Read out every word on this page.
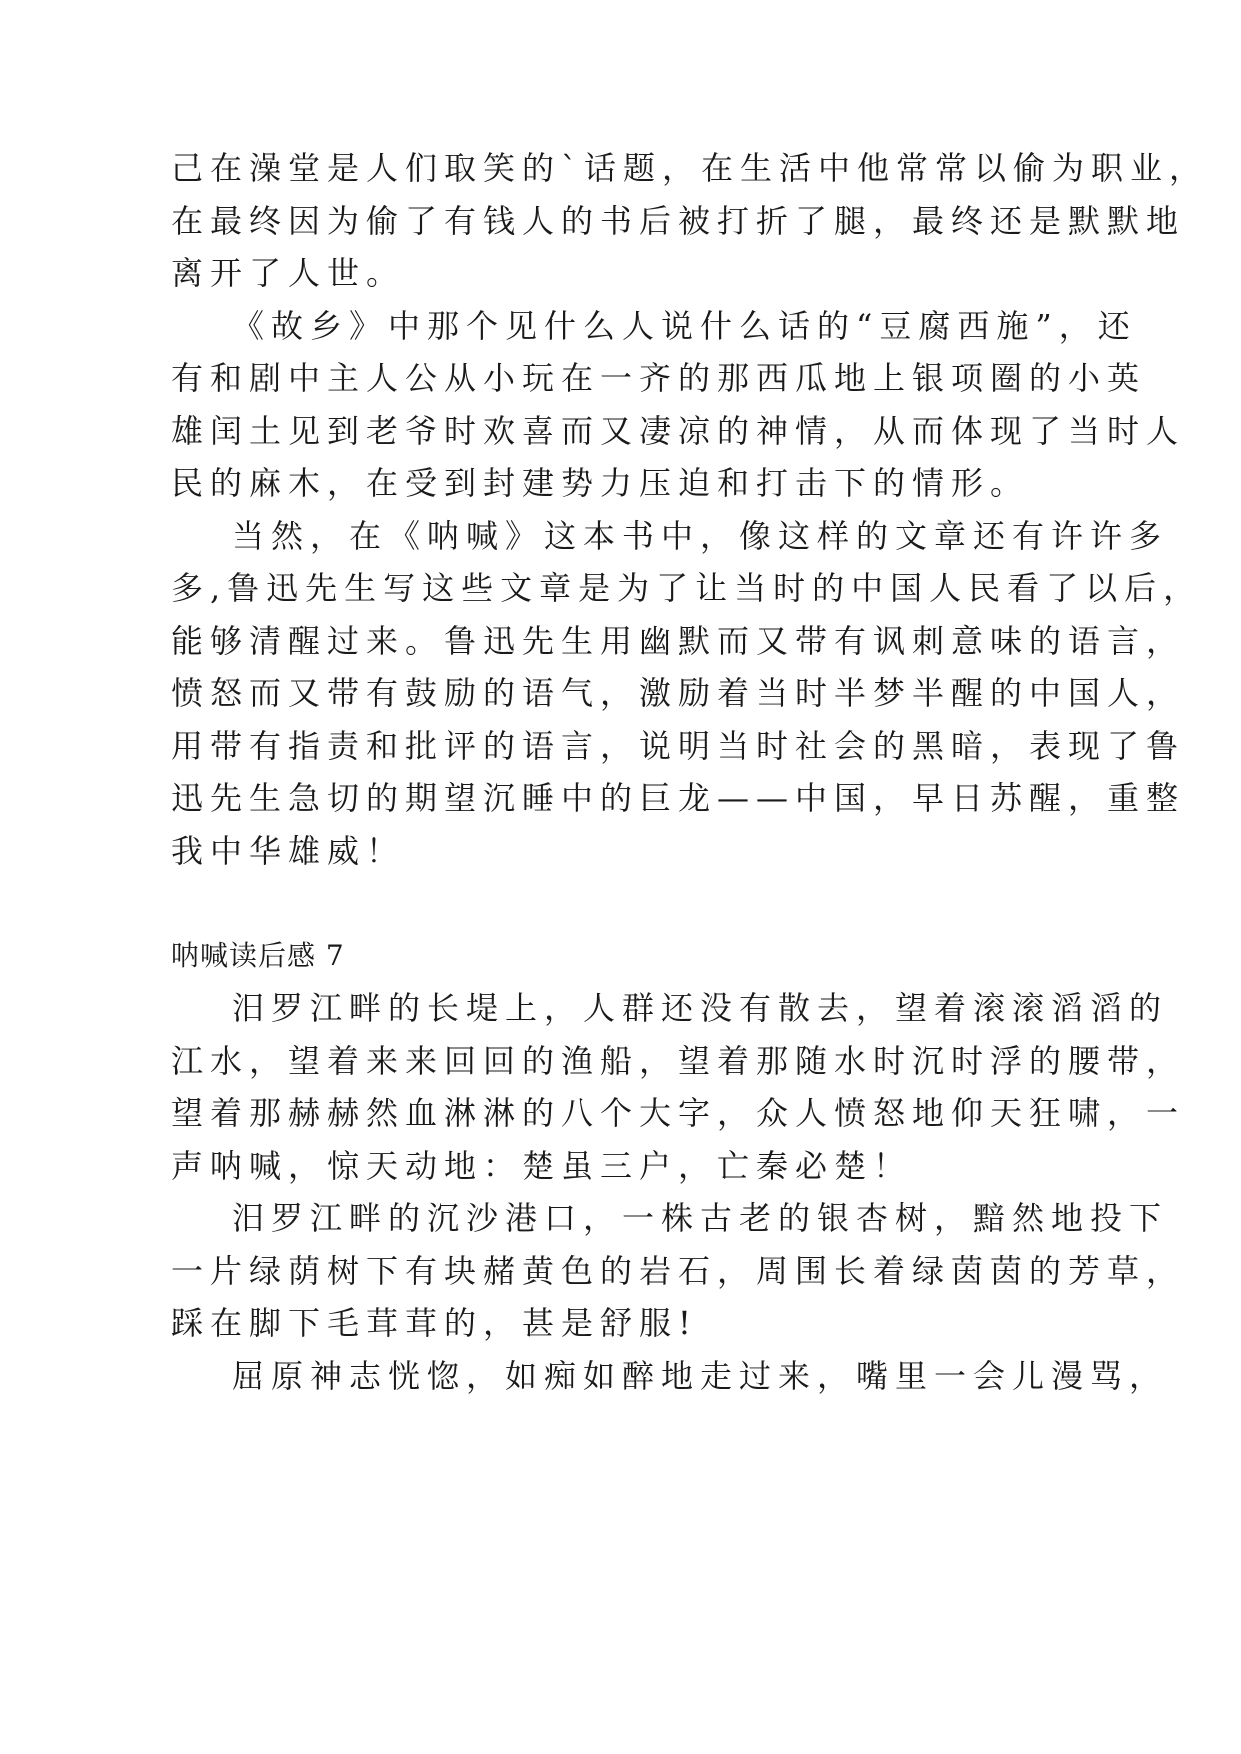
己在澡堂是人们取笑的`话题，在生活中他常常以偷为职业，
在最终因为偷了有钱人的书后被打折了腿，最终还是默默地
离开了人世。
《故乡》中那个见什么人说什么话的“豆腐西施”，还
有和剧中主人公从小玩在一齐的那西瓜地上银项圈的小英
雄闰土见到老爷时欢喜而又凄凉的神情，从而体现了当时人
民的麻木，在受到封建势力压迫和打击下的情形。
当然，在《呐喊》这本书中，像这样的文章还有许许多
多,鲁迅先生写这些文章是为了让当时的中国人民看了以后，
能够清醒过来。鲁迅先生用幽默而又带有讽刺意味的语言，
愤怒而又带有鼓励的语气，激励着当时半梦半醒的中国人，
用带有指责和批评的语言，说明当时社会的黑暗，表现了鲁
迅先生急切的期望沉睡中的巨龙——中国，早日苏醒，重整
我中华雄威！
呐喊读后感 7
汨罗江畔的长堤上，人群还没有散去，望着滚滚滔滔的
江水，望着来来回回的渔船，望着那随水时沉时浮的腰带，
望着那赫赫然血淋淋的八个大字，众人愤怒地仰天狂啸，一
声呐喊，惊天动地：楚虽三户，亡秦必楚！
汨罗江畔的沉沙港口，一株古老的银杏树，黯然地投下
一片绿荫树下有块赭黄色的岩石，周围长着绿茵茵的芳草，
踩在脚下毛茸茸的，甚是舒服!
屈原神志恍惚，如痴如醉地走过来，嘴里一会儿漫骂，
